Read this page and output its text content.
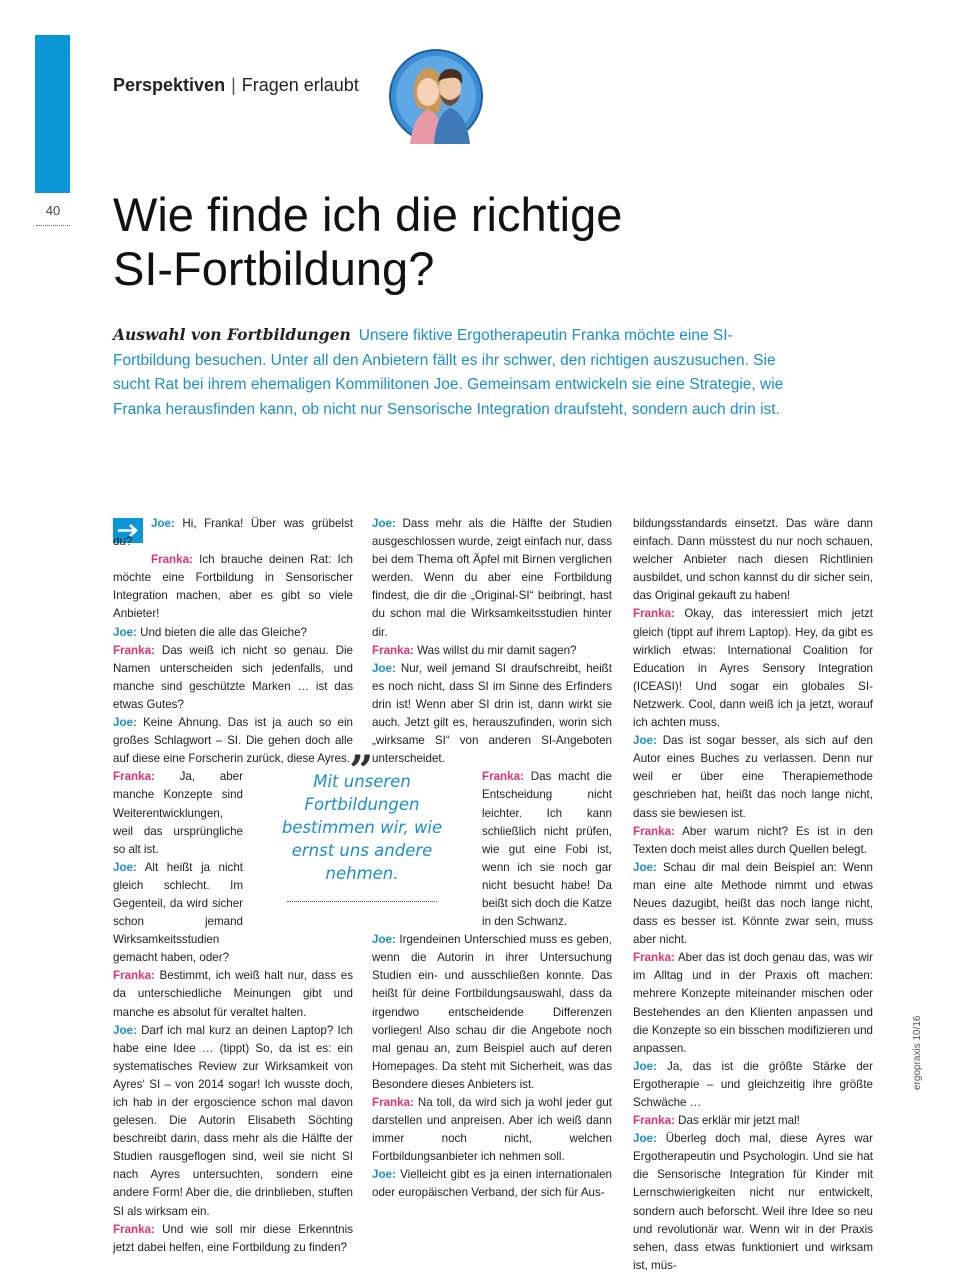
40
Perspektiven | Fragen erlaubt
Wie finde ich die richtige
SI-Fortbildung?
Auswahl von Fortbildungen Unsere fiktive Ergotherapeutin Franka möchte eine SI-Fortbildung besuchen. Unter all den Anbietern fällt es ihr schwer, den richtigen auszusuchen. Sie sucht Rat bei ihrem ehemaligen Kommilitonen Joe. Gemeinsam entwickeln sie eine Strategie, wie Franka herausfinden kann, ob nicht nur Sensorische Integration draufsteht, sondern auch drin ist.

Joe: Hi, Franka! Über was grübelst du?

Franka: Ich brauche deinen Rat: Ich möchte eine Fortbildung in Sensorischer Integration machen, aber es gibt so viele Anbieter!

Joe: Und bieten die alle das Gleiche?

Franka: Das weiß ich nicht so genau. Die Namen unterscheiden sich jedenfalls, und manche sind geschützte Marken … ist das etwas Gutes?

Joe: Keine Ahnung. Das ist ja auch so ein großes Schlagwort – SI. Die gehen doch alle auf diese eine Forscherin zurück, diese Ayres.

Franka: Ja, aber manche Konzepte sind Weiterentwicklungen, weil das ursprüngliche so alt ist.

Joe: Alt heißt ja nicht gleich schlecht. Im Gegenteil, da wird sicher schon jemand Wirksamkeitsstudien gemacht haben, oder?

Franka: Bestimmt, ich weiß halt nur, dass es da unterschiedliche Meinungen gibt und manche es absolut für veraltet halten.

Joe: Darf ich mal kurz an deinen Laptop? Ich habe eine Idee … (tippt) So, da ist es: ein systematisches Review zur Wirksamkeit von Ayres‘ SI – von 2014 sogar! Ich wusste doch, ich hab in der ergoscience schon mal davon gelesen. Die Autorin Elisabeth Söchting beschreibt darin, dass mehr als die Hälfte der Studien rausgeflogen sind, weil sie nicht SI nach Ayres untersuchten, sondern eine andere Form! Aber die, die drinblieben, stuften SI als wirksam ein.

Franka: Und wie soll mir diese Erkenntnis jetzt dabei helfen, eine Fortbildung zu finden?

Joe: Dass mehr als die Hälfte der Studien ausgeschlossen wurde, zeigt einfach nur, dass bei dem Thema oft Äpfel mit Birnen verglichen werden. Wenn du aber eine Fortbildung findest, die dir die „Original-SI“ beibringt, hast du schon mal die Wirksamkeitsstudien hinter dir.

Franka: Was willst du mir damit sagen?

Joe: Nur, weil jemand SI draufschreibt, heißt es noch nicht, dass SI im Sinne des Erfinders drin ist! Wenn aber SI drin ist, dann wirkt sie auch. Jetzt gilt es, herauszufinden, worin sich „wirksame SI“ von anderen SI-Angeboten unterscheidet.

Franka: Das macht die Entscheidung nicht leichter. Ich kann schließlich nicht prüfen, wie gut eine Fobi ist, wenn ich sie noch gar nicht besucht habe! Da beißt sich doch die Katze in den Schwanz.

Joe: Irgendeinen Unterschied muss es geben, wenn die Autorin in ihrer Untersuchung Studien ein- und ausschließen konnte. Das heißt für deine Fortbildungsauswahl, dass da irgendwo entscheidende Differenzen vorliegen! Also schau dir die Angebote noch mal genau an, zum Beispiel auch auf deren Homepages. Da steht mit Sicherheit, was das Besondere dieses Anbieters ist.

Franka: Na toll, da wird sich ja wohl jeder gut darstellen und anpreisen. Aber ich weiß dann immer noch nicht, welchen Fortbildungsanbieter ich nehmen soll.

Joe: Vielleicht gibt es ja einen internationalen oder europäischen Verband, der sich für Aus-

bildungsstandards einsetzt. Das wäre dann einfach. Dann müsstest du nur noch schauen, welcher Anbieter nach diesen Richtlinien ausbildet, und schon kannst du dir sicher sein, das Original gekauft zu haben!

Franka: Okay, das interessiert mich jetzt gleich (tippt auf ihrem Laptop). Hey, da gibt es wirklich etwas: International Coalition for Education in Ayres Sensory Integration (ICEASI)! Und sogar ein globales SI-Netzwerk. Cool, dann weiß ich ja jetzt, worauf ich achten muss.

Joe: Das ist sogar besser, als sich auf den Autor eines Buches zu verlassen. Denn nur weil er über eine Therapiemethode geschrieben hat, heißt das noch lange nicht, dass sie bewiesen ist.

Franka: Aber warum nicht? Es ist in den Texten doch meist alles durch Quellen belegt.

Joe: Schau dir mal dein Beispiel an: Wenn man eine alte Methode nimmt und etwas Neues dazugibt, heißt das noch lange nicht, dass es besser ist. Könnte zwar sein, muss aber nicht.

Franka: Aber das ist doch genau das, was wir im Alltag und in der Praxis oft machen: mehrere Konzepte miteinander mischen oder Bestehendes an den Klienten anpassen und die Konzepte so ein bisschen modifizieren und anpassen.

Joe: Ja, das ist die größte Stärke der Ergotherapie – und gleichzeitig ihre größte Schwäche …

Franka: Das erklär mir jetzt mal!

Joe: Überleg doch mal, diese Ayres war Ergotherapeutin und Psychologin. Und sie hat die Sensorische Integration für Kinder mit Lernschwierigkeiten nicht nur entwickelt, sondern auch beforscht. Weil ihre Idee so neu und revolutionär war. Wenn wir in der Praxis sehen, dass etwas funktioniert und wirksam ist, müs-

„
Mit unseren Fortbildungen bestimmen wir, wie ernst uns andere nehmen.
ergopraxis 10/16
